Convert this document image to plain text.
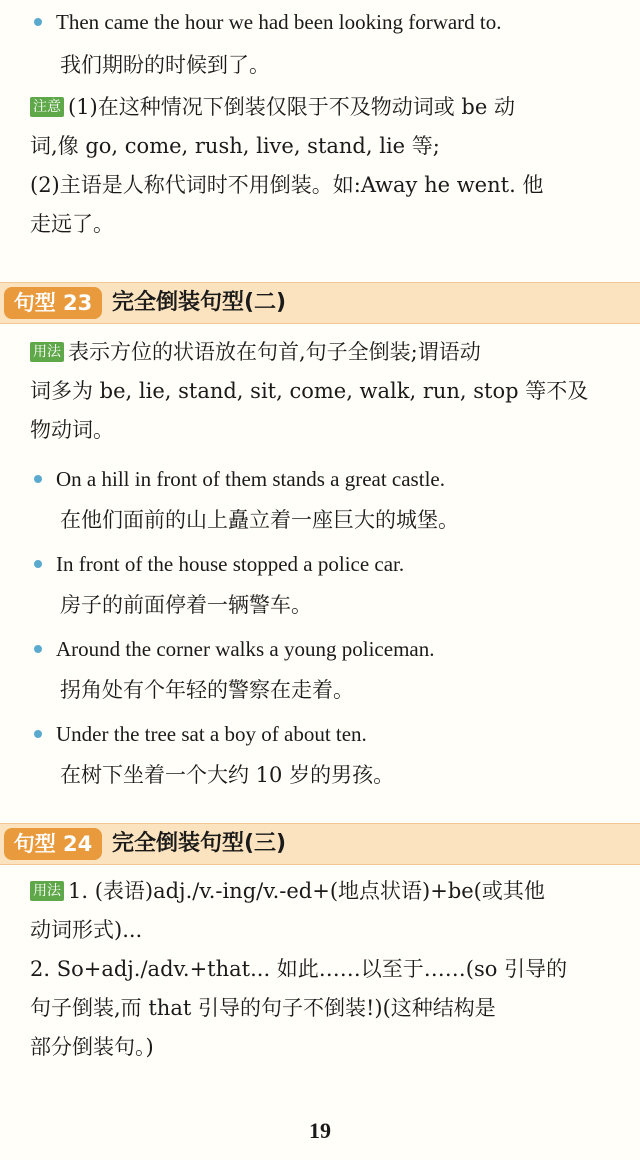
Then came the hour we had been looking forward to.
我们期盼的时候到了。
注意 (1)在这种情况下倒装仅限于不及物动词或 be 动
词,像 go, come, rush, live, stand, lie 等;
(2)主语是人称代词时不用倒装。如:Away he went. 他
走远了。
句型 23 完全倒装句型(二)
用法 表示方位的状语放在句首,句子全倒装;谓语动
词多为 be, lie, stand, sit, come, walk, run, stop 等不及
物动词。
On a hill in front of them stands a great castle.
在他们面前的山上矗立着一座巨大的城堡。
In front of the house stopped a police car.
房子的前面停着一辆警车。
Around the corner walks a young policeman.
拐角处有个年轻的警察在走着。
Under the tree sat a boy of about ten.
在树下坐着一个大约 10 岁的男孩。
句型 24 完全倒装句型(三)
用法 1. (表语)adj./v.-ing/v.-ed+(地点状语)+be(或其他
动词形式)...
2. So+adj./adv.+that... 如此……以至于……(so 引导的
句子倒装,而 that 引导的句子不倒装!)(这种结构是
部分倒装句。)
19
